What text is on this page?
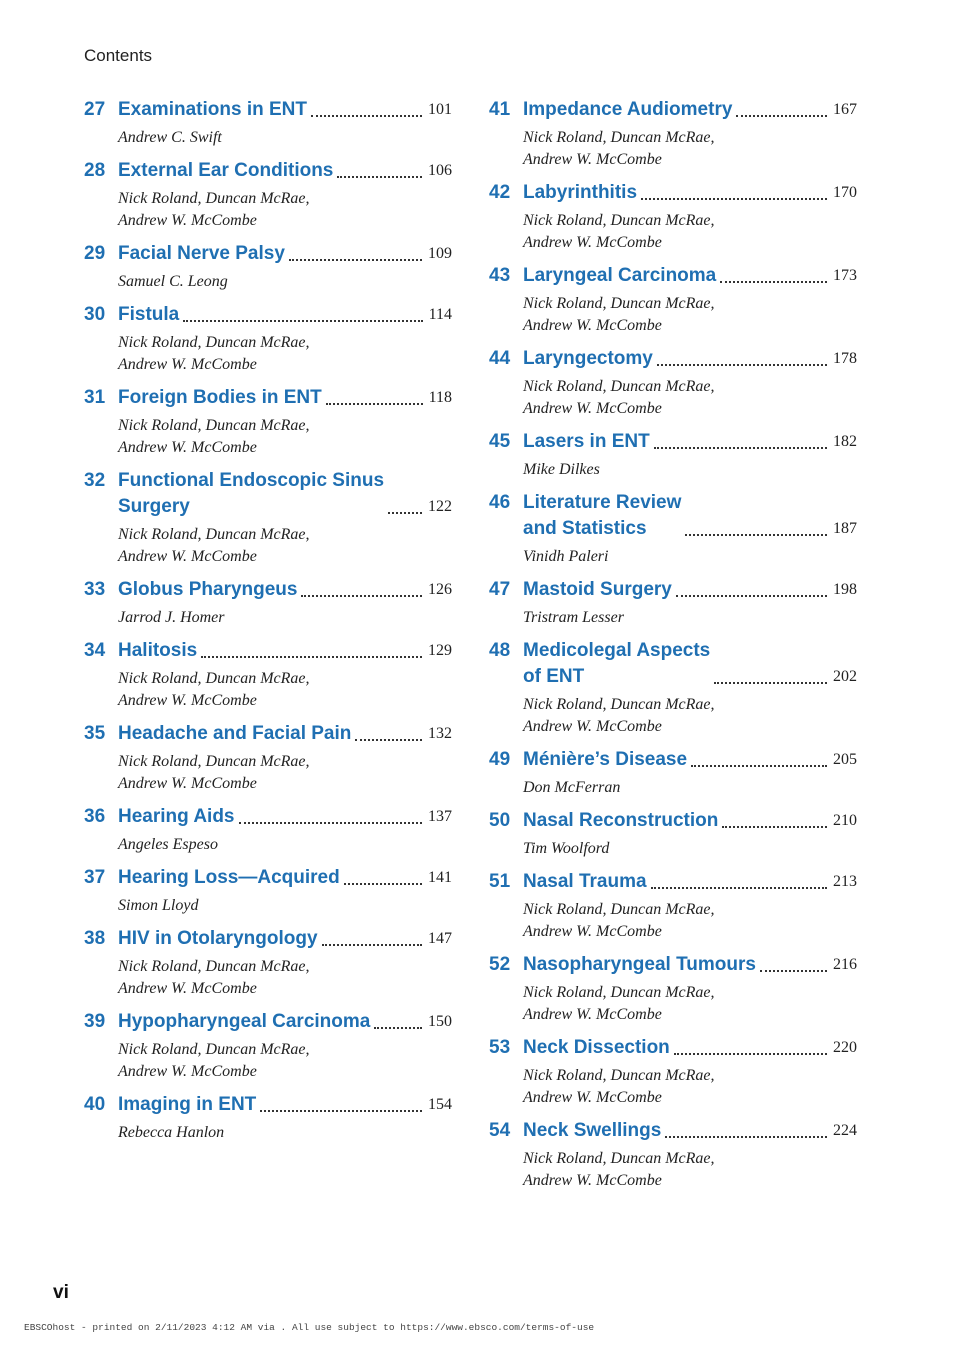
Contents
27 Examinations in ENT	101
Andrew C. Swift
28 External Ear Conditions	106
Nick Roland, Duncan McRae,
Andrew W. McCombe
29 Facial Nerve Palsy	109
Samuel C. Leong
30 Fistula	114
Nick Roland, Duncan McRae,
Andrew W. McCombe
31 Foreign Bodies in ENT	118
Nick Roland, Duncan McRae,
Andrew W. McCombe
32 Functional Endoscopic Sinus
Surgery	122
Nick Roland, Duncan McRae,
Andrew W. McCombe
33 Globus Pharyngeus	126
Jarrod J. Homer
34 Halitosis	129
Nick Roland, Duncan McRae,
Andrew W. McCombe
35 Headache and Facial Pain	132
Nick Roland, Duncan McRae,
Andrew W. McCombe
36 Hearing Aids	137
Angeles Espeso
37 Hearing Loss—Acquired	141
Simon Lloyd
38 HIV in Otolaryngology	147
Nick Roland, Duncan McRae,
Andrew W. McCombe
39 Hypopharyngeal Carcinoma	150
Nick Roland, Duncan McRae,
Andrew W. McCombe
40 Imaging in ENT	154
Rebecca Hanlon
41 Impedance Audiometry	167
Nick Roland, Duncan McRae,
Andrew W. McCombe
42 Labyrinthitis	170
Nick Roland, Duncan McRae,
Andrew W. McCombe
43 Laryngeal Carcinoma	173
Nick Roland, Duncan McRae,
Andrew W. McCombe
44 Laryngectomy	178
Nick Roland, Duncan McRae,
Andrew W. McCombe
45 Lasers in ENT	182
Mike Dilkes
46 Literature Review
and Statistics	187
Vinidh Paleri
47 Mastoid Surgery	198
Tristram Lesser
48 Medicolegal Aspects
of ENT	202
Nick Roland, Duncan McRae,
Andrew W. McCombe
49 Ménière’s Disease	205
Don McFerran
50 Nasal Reconstruction	210
Tim Woolford
51 Nasal Trauma	213
Nick Roland, Duncan McRae,
Andrew W. McCombe
52 Nasopharyngeal Tumours	216
Nick Roland, Duncan McRae,
Andrew W. McCombe
53 Neck Dissection	220
Nick Roland, Duncan McRae,
Andrew W. McCombe
54 Neck Swellings	224
Nick Roland, Duncan McRae,
Andrew W. McCombe
vi
EBSCOhost - printed on 2/11/2023 4:12 AM via . All use subject to https://www.ebsco.com/terms-of-use
